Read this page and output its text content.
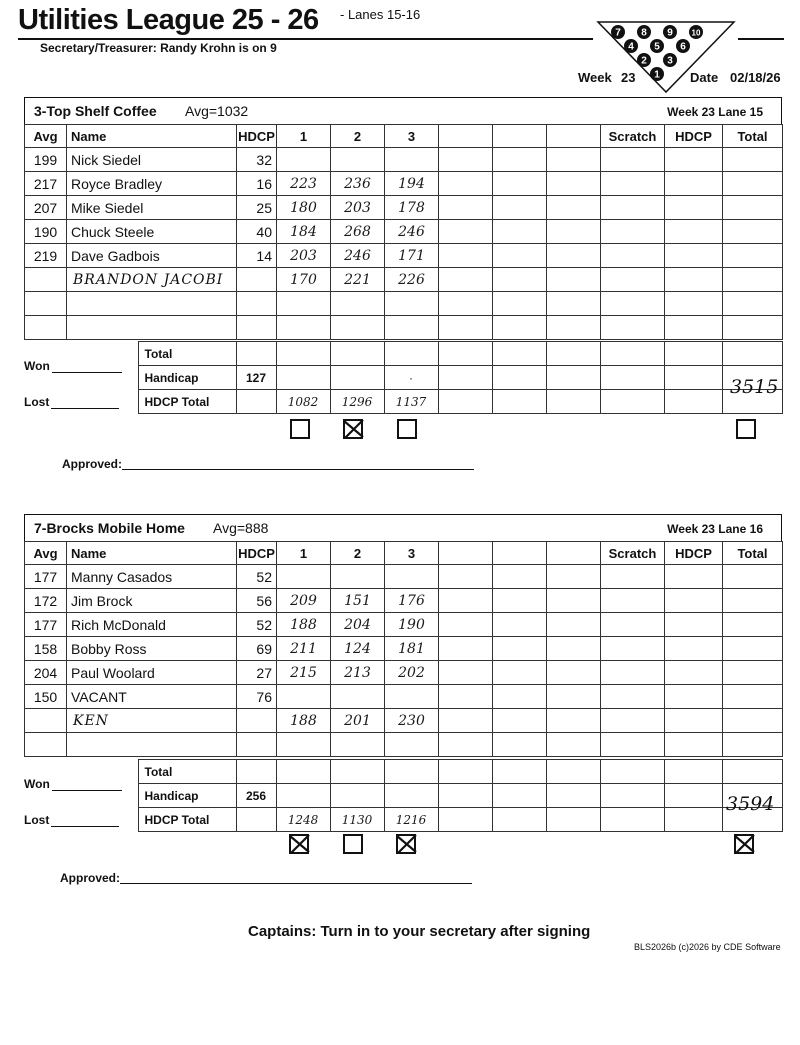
Utilities League 25 - 26 - Lanes 15-16
Secretary/Treasurer: Randy Krohn is on 9
7 8 9 10
4 5 6
2 3
1
Week 23	Date 02/18/26
3-Top Shelf Coffee Avg=1032	Week 23 Lane 15
Avg	Name	HDCP	1	2	3				Scratch	HDCP	Total
199	Nick Siedel	32									
217	Royce Bradley	16	223	236	194						
207	Mike Siedel	25	180	203	178						
190	Chuck Steele	40	184	268	246						
219	Dave Gadbois	14	203	246	171						
	BRANDON JACOBI		170	221	226						

Won	Total										
	Handicap	127			·						
Lost	HDCP Total		1082	1296	1137						
3515
Approved:
7-Brocks Mobile Home Avg=888	Week 23 Lane 16
Avg	Name	HDCP	1	2	3				Scratch	HDCP	Total
177	Manny Casados	52									
172	Jim Brock	56	209	151	176						
177	Rich McDonald	52	188	204	190						
158	Bobby Ross	69	211	124	181						
204	Paul Woolard	27	215	213	202						
150	VACANT	76									
	KEN		188	201	230						

Won	Total										
	Handicap	256									
Lost	HDCP Total		1248	1130	1216						
3594
Approved:
Captains: Turn in to your secretary after signing
BLS2026b (c)2026 by CDE Software
